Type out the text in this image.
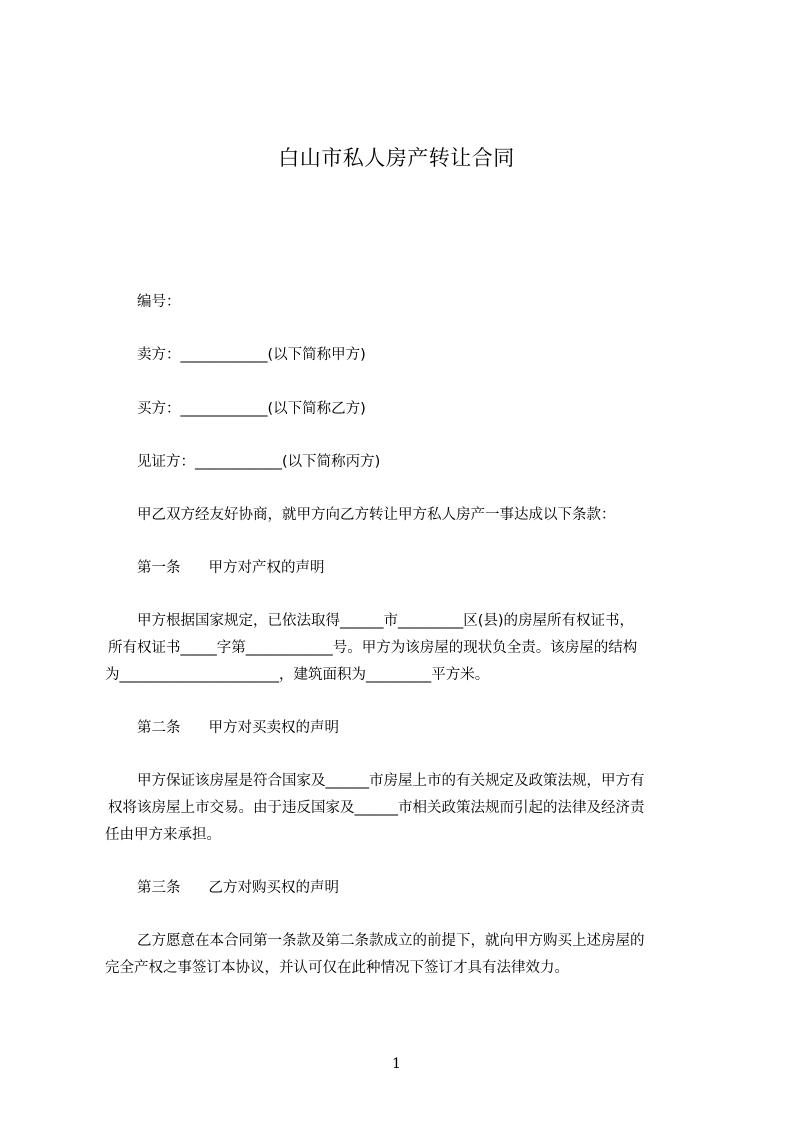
白山市私人房产转让合同
编号：
卖方：____________(以下简称甲方)
买方：____________(以下简称乙方)
见证方：____________(以下简称丙方)
甲乙双方经友好协商，就甲方向乙方转让甲方私人房产一事达成以下条款：
第一条 甲方对产权的声明
甲方根据国家规定，已依法取得______市_________区(县)的房屋所有权证书，
所有权证书_____字第____________号。甲方为该房屋的现状负全责。该房屋的结构
为______________________，建筑面积为_________平方米。
第二条 甲方对买卖权的声明
甲方保证该房屋是符合国家及______市房屋上市的有关规定及政策法规，甲方有
权将该房屋上市交易。由于违反国家及______市相关政策法规而引起的法律及经济责
任由甲方来承担。
第三条 乙方对购买权的声明
乙方愿意在本合同第一条款及第二条款成立的前提下，就向甲方购买上述房屋的
完全产权之事签订本协议，并认可仅在此种情况下签订才具有法律效力。
1
